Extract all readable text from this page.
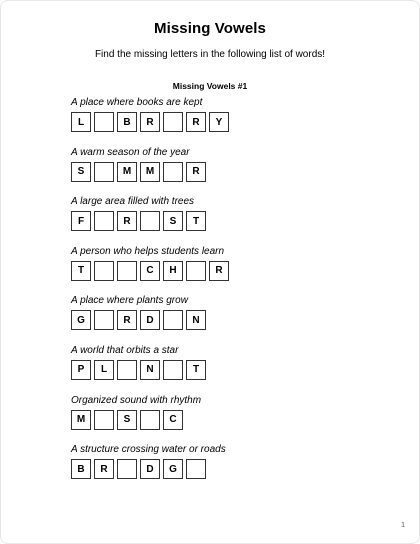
Missing Vowels
Find the missing letters in the following list of words!
Missing Vowels #1
A place where books are kept
L	B	R	R	Y
A warm season of the year
S	M	M	R
A large area filled with trees
F	R	S	T
A person who helps students learn
T	C	H	R
A place where plants grow
G	R	D	N
A world that orbits a star
P	L	N	T
Organized sound with rhythm
M	S	C
A structure crossing water or roads
B	R	D	G
1
